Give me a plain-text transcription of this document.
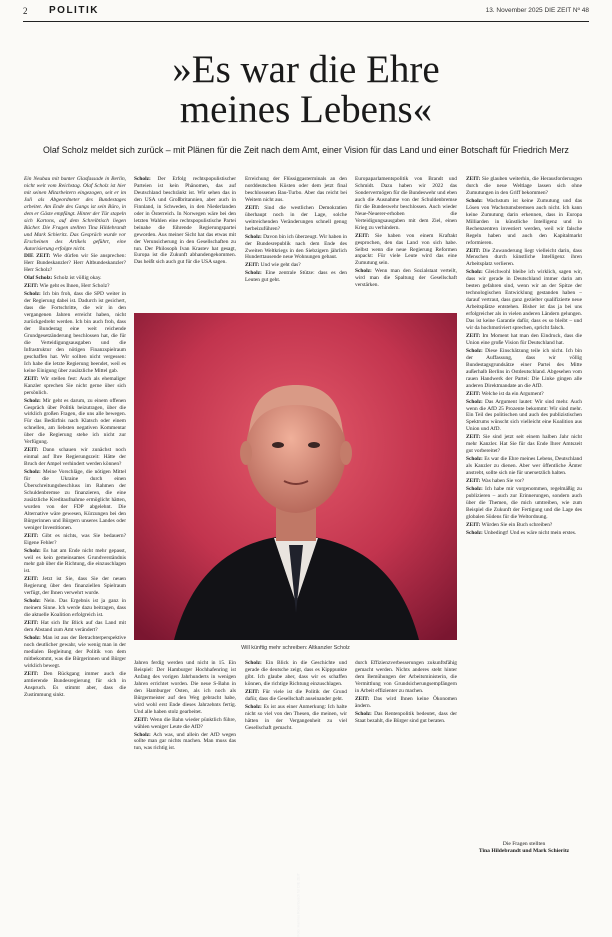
2 POLITIK	13. November 2025 DIE ZEIT Nº 48
»Es war die Ehre
meines Lebens«
Olaf Scholz meldet sich zurück – mit Plänen für die Zeit nach dem Amt, einer Vision für das Land und einer Botschaft für Friedrich Merz

Ein Neubau mit bunter Glasfassade in Berlin, nicht weit vom Reichstag. Olaf Scholz ist hier mit seinen Mitarbeitern eingezogen, seit er im Juli als Abgeordneter des Bundestages arbeitet. Am Ende des Gangs ist sein Büro, in dem er Gäste empfängt. Hinter der Tür stapeln sich Kartons, auf dem Schreibtisch liegen Bücher. Die Fragen stellten Tina Hildebrandt und Mark Schieritz. Das Gespräch wurde vor Erscheinen des Artikels geführt, eine Autorisierung erfolgte nicht.

DIE ZEIT: Wie dürfen wir Sie ansprechen: Herr Bundeskanzler? Herr Altbundeskanzler? Herr Scholz?

Olaf Scholz: Scholz ist völlig okay.

ZEIT: Wie geht es Ihnen, Herr Scholz?

Scholz: Ich bin froh, dass die SPD weiter in der Regierung dabei ist. Dadurch ist gesichert, dass die Fortschritte, die wir in den vergangenen Jahren erreicht haben, nicht zurückgedreht werden. Ich bin auch froh, dass der Bundestag eine weit reichende Grundgesetzänderung beschlossen hat, die für die Verteidigungsausgaben und die Infrastruktur den nötigen Finanzspielraum geschaffen hat. Wir sollten nicht vergessen: Ich habe die letzte Regierung beendet, weil es keine Einigung über zusätzliche Mittel gab.

ZEIT: Wir stellen fest: Auch als ehemaliger Kanzler sprechen Sie nicht gerne über sich persönlich.

Scholz: Mir geht es darum, zu einem offenen Gespräch über Politik beizutragen, über die wirklich großen Fragen, die uns alle bewegen. Für das Bedürfnis nach Klatsch oder einem schnellen, am liebsten negativen Kommentar über die Regierung stehe ich nicht zur Verfügung.

ZEIT: Dann schauen wir zunächst noch einmal auf Ihre Regierungszeit: Hätte der Bruch der Ampel verhindert werden können?

Scholz: Meine Vorschläge, die nötigen Mittel für die Ukraine durch einen Überschreitungsbeschluss im Rahmen der Schuldenbremse zu finanzieren, die eine zusätzliche Kreditaufnahme ermöglicht hätten, wurden von der FDP abgelehnt. Die Alternative wäre gewesen, Kürzungen bei den Bürgerinnen und Bürgern unseres Landes oder weniger Investitionen.

ZEIT: Gibt es nichts, was Sie bedauern? Eigene Fehler?

Scholz: Es hat am Ende nicht mehr gepasst, weil es kein gemeinsames Grundverständnis mehr gab über die Richtung, die einzuschlagen ist.

ZEIT: Jetzt ist Sie, dass Sie der neuen Regierung über den finanziellen Spielraum verfügt, der Ihnen verwehrt wurde.

Scholz: Nein. Das Ergebnis ist ja ganz in meinem Sinne. Ich werde dazu beitragen, dass die aktuelle Koalition erfolgreich ist.

ZEIT: Hat sich Ihr Blick auf das Land mit dem Abstand zum Amt verändert?

Scholz: Man ist aus der Betrachterperspektive noch deutlicher gewahr, wie wenig man in der medialen Begleitung der Politik von dem mitbekommt, was die Bürgerinnen und Bürger wirklich bewegt.

ZEIT: Den Rückgang immer auch die amtierende Bundesregierung für sich in Anspruch. Es stimmt aber, dass die Zustimmung sinkt.

Scholz: Der Erfolg rechtspopulistischer Parteien ist kein Phänomen, das auf Deutschland beschränkt ist. Wir sehen das in den USA und Großbritannien, aber auch in Finnland, in Schweden, in den Niederlanden oder in Österreich. In Norwegen wäre bei den letzten Wahlen eine rechtspopulistische Partei beinahe die führende Regierungspartei geworden. Aus meiner Sicht hat das etwas mit der Verunsicherung in den Gesellschaften zu tun. Der Philosoph Ivan Krastev hat gesagt, Europa ist die Zukunft abhandengekommen. Das heißt sich auch gut für die USA sagen.

Erreichung der Flüssiggasterminals an den norddeutschen Küsten oder dem jetzt final beschlossenen Bau-Turbo. Aber das reicht bei Weitem nicht aus.

ZEIT: Sind die westlichen Demokratien überhaupt noch in der Lage, solche weitreichenden Veränderungen schnell genug herbeizuführen?

Scholz: Davon bin ich überzeugt. Wir haben in der Bundesrepublik nach dem Ende des Zweiten Weltkriegs in den Siebzigern jährlich Hunderttausende neue Wohnungen gebaut.

ZEIT: Und wie geht das?

Scholz: Eine zentrale Stütze: dass es den Leuten gut geht.

Europaparlamentspolitik von Brandt und Schmidt. Dazu haben wir 2022 das Sondervermögen für die Bundeswehr und eben auch die Ausnahme von der Schuldenbremse für die Bundeswehr beschlossen. Auch wieder Neue-Neuerer-erhoben die Verteidigungsausgaben mit dem Ziel, einen Krieg zu verhindern.

ZEIT: Sie haben von einem Kraftakt gesprochen, den das Land von sich habe. Selbst wenn die neue Regierung Reformen anpackt: Für viele Leute wird das eine Zumutung sein.

Scholz: Wenn man den Sozialstaat verteilt, wird man die Spaltung der Gesellschaft verstärken.

ZEIT: Sie glauben weiterhin, die Herausforderungen durch die neue Weltlage lassen sich ohne Zumutungen in den Griff bekommen?

Scholz: Wachstum ist keine Zumutung und das Lösen von Wachstumsbremsen auch nicht. Ich kann keine Zumutung darin erkennen, dass in Europa Milliarden in künstliche Intelligenz und in Rechenzentren investiert werden, weil wir falsche Regeln haben und auch den Kapitalmarkt reformieren.

ZEIT: Die Zuwanderung liegt vielleicht darin, dass Menschen durch künstliche Intelligenz ihren Arbeitsplatz verlieren.

Scholz: Gleichwohl bleibe ich wirklich, sagen wir, dass wir gerade in Deutschland immer darin am besten gefahren sind, wenn wir an der Spitze der technologischen Entwicklung gestanden haben – darauf vertraut, dass ganz gezielter qualifizierte neue Arbeitsplätze entstehen. Bisher ist das ja bei uns erfolgreicher als in vielen anderen Ländern gelungen. Das ist keine Garantie dafür, dass es so bleibt – und wir da hochmotiviert sprechen, spricht falsch.

ZEIT: Im Moment hat man den Eindruck, dass die Union eine große Vision für Deutschland hat.

Scholz: Diese Einschätzung teile ich nicht. Ich bin der Auffassung, dass wir völlig Bundestagsgrundsätze einer Partei des Mitte außerhalb Berlins in Ostdeutschland. Abgesehen vom rauen Handwerk der Partei: Die Linke gingen alle anderen Direktmandate an die AfD.

ZEIT: Welche ist da ein Argument?

Scholz: Das Argument lautet: Wir sind mehr. Auch wenn die AfD 25 Prozente bekommt: Wir sind mehr. Ein Teil des politischen und auch des publizistischen Spektrums wünscht sich vielleicht eine Koalition aus Union und AfD.

ZEIT: Sie sind jetzt seit einem halben Jahr nicht mehr Kanzler. Hat Sie für das Ende Ihrer Amtszeit gut vorbereitet?

Scholz: Es war die Ehre meines Lebens, Deutschland als Kanzler zu dienen. Aber wer öffentliche Ämter anstrebt, sollte sich nie für unersetzlich halten.

ZEIT: Was haben Sie vor?

Scholz: Ich habe mir vorgenommen, regelmäßig zu publizieren – auch zur Erinnerungen, sondern auch über die Themen, die mich umtreiben, wie zum Beispiel die Zukunft der Fertigung und die Lage des globalen Südens für die Weltordnung.

ZEIT: Würden Sie ein Buch schreiben?

Scholz: Unbedingt! Und es wäre nicht mein erstes.

Foto: Hannes Rosenbusch für DIE ZEIT
Will künftig mehr schreiben: Altkanzler Scholz

Jahren ferdig werden und nicht in 15. Ein Beispiel: Der Hamburger Hochhafenring ist Anfang des vorigen Jahrhunderts in wenigen Jahren errichtet worden. Die neue S-Bahn in den Hamburger Osten, als ich noch als Bürgermeister auf den Weg gebracht habe, wird wohl erst Ende dieses Jahrzehnts fertig. Und alle haben stolz gearbeitet.

ZEIT: Wenn die Bahn wieder pünktlich führe, wählen weniger Leute die AfD?

Scholz: Ach was, und allein der AfD wegen sollte man gar nichts machen. Man muss das tun, was richtig ist.

Scholz: Ein Blick in die Geschichte und gerade die deutsche zeigt, dass es Kipppunkte gibt. Ich glaube aber, dass wir es schaffen können, die richtige Richtung einzuschlagen.

ZEIT: Für viele ist die Politik der Grund dafür, dass die Gesellschaft auseinander geht.

Scholz: Es ist aus einer Anmerkung: Ich halte nicht so viel von den Thesen, die meinen, wir hätten in der Vergangenheit zu viel Gesellschaft gemacht.

durch Effizienzverbesserungen zukunftsfähig gemacht werden. Nichts anderes steht hinter dem Bemühungen der Arbeitsministerin, die Vermittlung von Grundsicherungsempfängern in Arbeit effizienter zu machen.

ZEIT: Das wird Ihnen keine Ökonomen ändern.

Scholz: Das Rentenpolitik bedeutet, dass der Staat bezahlt, die Bürger sind gut beraten.

Die Fragen stellten
Tina Hildebrandt und Mark Schieritz
